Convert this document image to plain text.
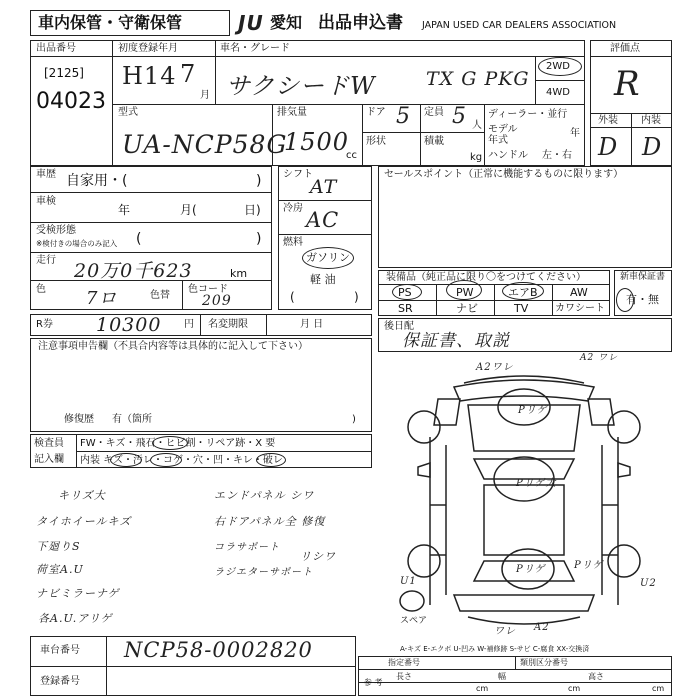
車内保管・守衛保管	JU 愛知 出品申込書 JAPAN USED CAR DEALERS ASSOCIATION
出品番号
[2125]
04023
初度登録年月
H14 7
月
車名・グレード
サクシードW	TX G PKG
2WD
4WD
型式
UA-NCP58G
排気量
1500
cc
ドア 5
形状
定員 5 人
積載
kg
ディーラー・並行
モデル	年
年式
ハンドル 左・右
評価点
R
外装 内装
D D
車歴 自家用・(	)
車検
年	月(	日)
受検形態
※検付きの場合のみ記入 (	)
走行 20万0千623	km
色 7ロ	色替
色コード
209
シフト
AT
冷房 AC
燃料
ガソリン
軽 油
(	)
セールスポイント（正常に機能するものに限ります）
装備品（純正品に限り〇をつけてください）
PS	PW	エアB	AW
SR	ナビ	TV	カワシート
新車保証書
有・無
R券 10300 円 名変期限	月 日	後日配
保証書、取説
注意事項申告欄（不具合内容等は具体的に記入して下さい）
修復歴 有（箇所	)
検査員
記入欄
FW・キズ・飛石・ヒビ割・リペア跡・X 要
内装 キズ・汚レ・コゲ・穴・凹・キレ・破レ
キリズ大
タイホイールキズ
下廻りS
荷室A.U
ナビミラーナゲ
各A.U.アリゲ
エンドパネル シワ
右ドアパネル全 修復
コラサポート
ラジエターサポート
リシワ
A2ワレ
A2 ワレ
Pリゲ
Pリゲ大
Pリゲ	Pリゲ
U1	U2
スペア
ワレ A2
A-キズ E-エクボ U-凹み W-補修跡 S-サビ C-腐食 XX-交換済
車台番号 NCP58-0002820
登録番号
指定番号	類別区分番号
参 考
長さ
cm
幅
cm
高さ
cm
